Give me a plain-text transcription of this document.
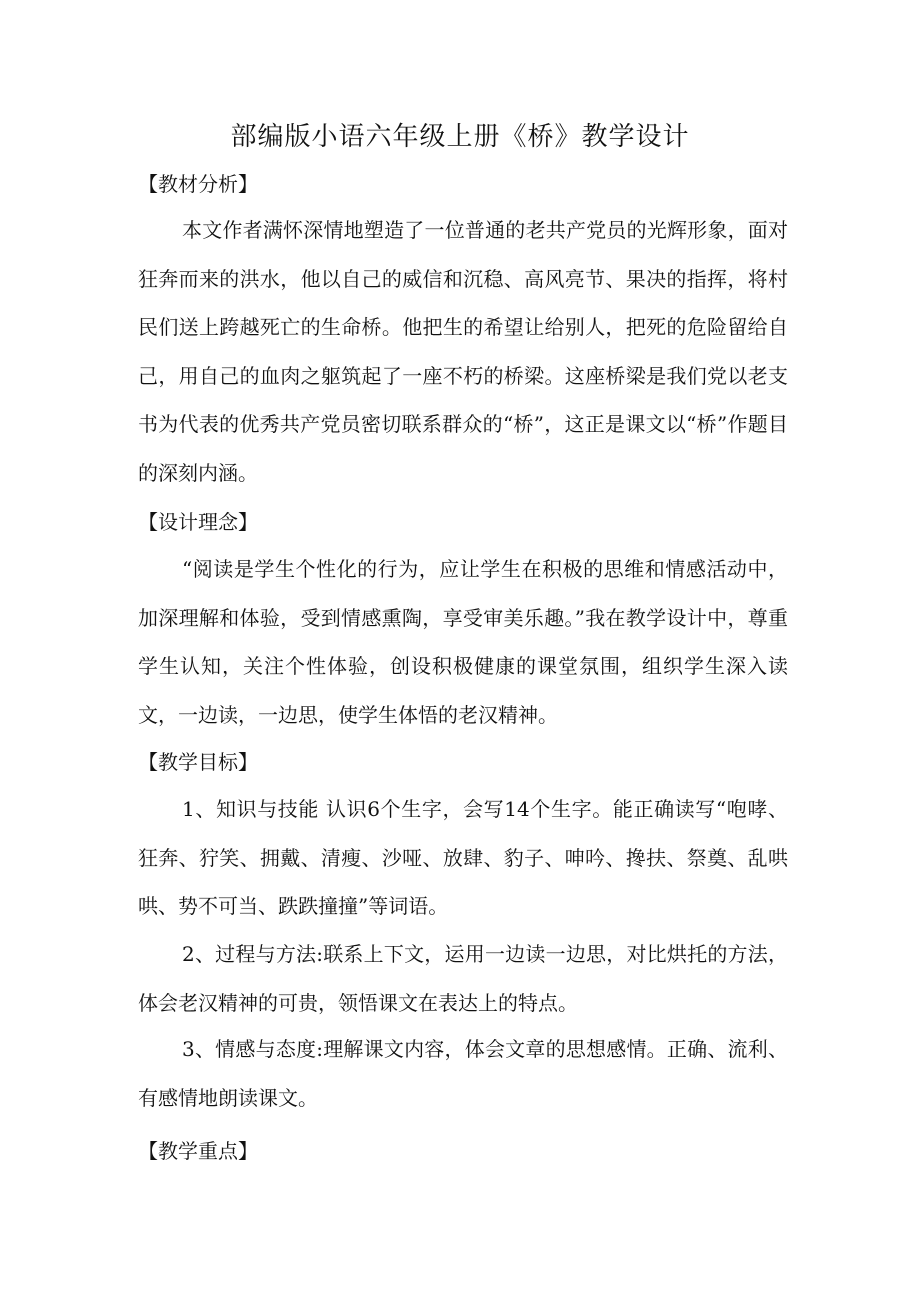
部编版小语六年级上册《桥》教学设计
【教材分析】

本文作者满怀深情地塑造了一位普通的老共产党员的光辉形象，面对狂奔而来的洪水，他以自己的威信和沉稳、高风亮节、果决的指挥，将村民们送上跨越死亡的生命桥。他把生的希望让给别人，把死的危险留给自己，用自己的血肉之躯筑起了一座不朽的桥梁。这座桥梁是我们党以老支书为代表的优秀共产党员密切联系群众的“桥”，这正是课文以“桥”作题目的深刻内涵。

【设计理念】

“阅读是学生个性化的行为，应让学生在积极的思维和情感活动中，加深理解和体验，受到情感熏陶，享受审美乐趣。”我在教学设计中，尊重学生认知，关注个性体验，创设积极健康的课堂氛围，组织学生深入读文，一边读，一边思，使学生体悟的老汉精神。

【教学目标】

1、知识与技能 认识6个生字，会写14个生字。能正确读写“咆哮、狂奔、狞笑、拥戴、清瘦、沙哑、放肆、豹子、呻吟、搀扶、祭奠、乱哄哄、势不可当、跌跌撞撞”等词语。

2、过程与方法:联系上下文，运用一边读一边思，对比烘托的方法，体会老汉精神的可贵，领悟课文在表达上的特点。

3、情感与态度:理解课文内容，体会文章的思想感情。正确、流利、有感情地朗读课文。

【教学重点】
